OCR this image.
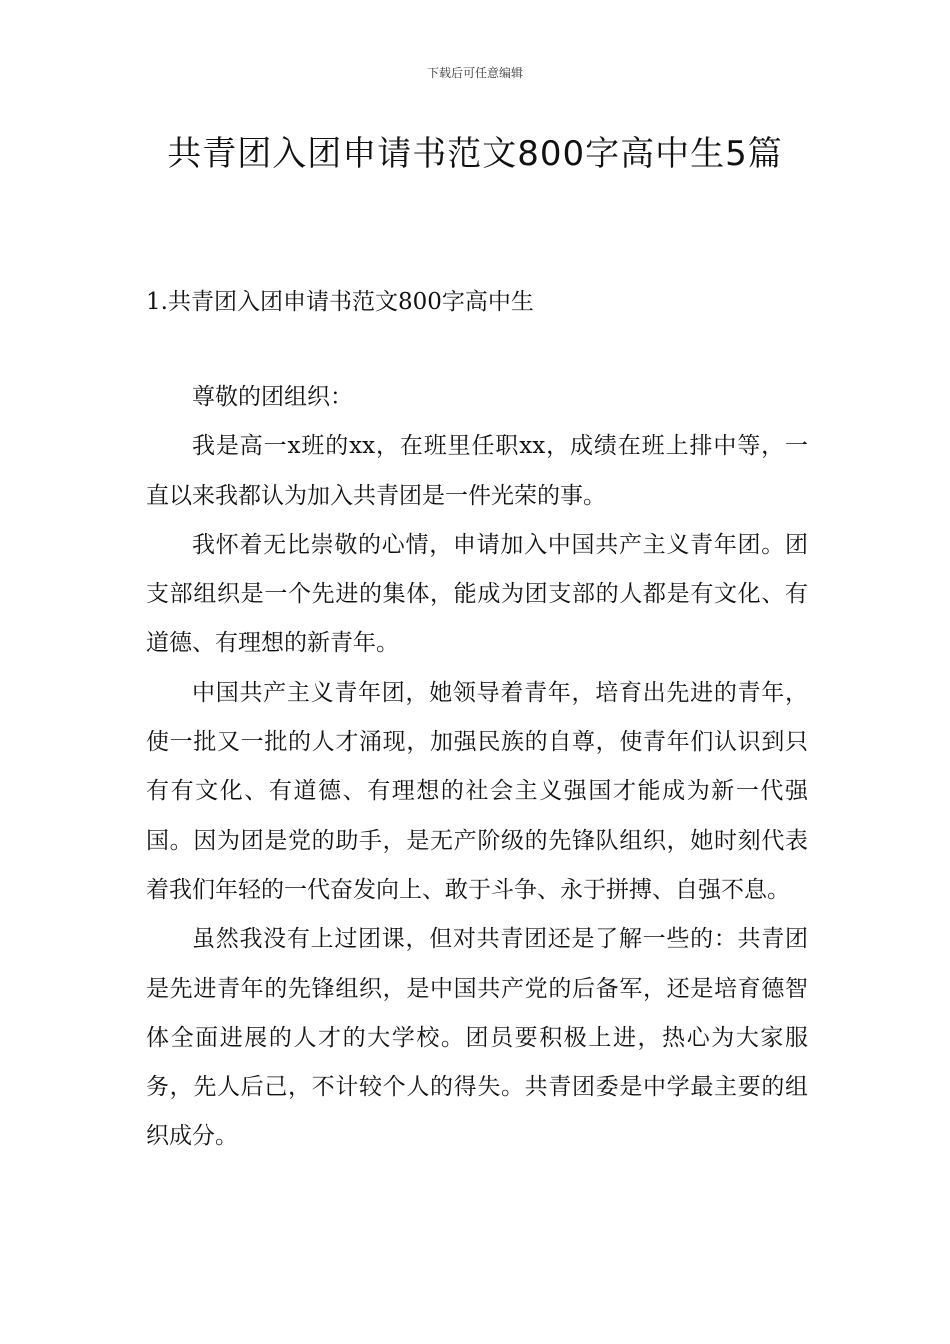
下载后可任意编辑
共青团入团申请书范文800字高中生5篇
1.共青团入团申请书范文800字高中生

尊敬的团组织：

我是高一x班的xx，在班里任职xx，成绩在班上排中等，一直以来我都认为加入共青团是一件光荣的事。

我怀着无比崇敬的心情，申请加入中国共产主义青年团。团支部组织是一个先进的集体，能成为团支部的人都是有文化、有道德、有理想的新青年。

中国共产主义青年团，她领导着青年，培育出先进的青年，使一批又一批的人才涌现，加强民族的自尊，使青年们认识到只有有文化、有道德、有理想的社会主义强国才能成为新一代强国。因为团是党的助手，是无产阶级的先锋队组织，她时刻代表着我们年轻的一代奋发向上、敢于斗争、永于拼搏、自强不息。

虽然我没有上过团课，但对共青团还是了解一些的：共青团是先进青年的先锋组织，是中国共产党的后备军，还是培育德智体全面进展的人才的大学校。团员要积极上进，热心为大家服务，先人后己，不计较个人的得失。共青团委是中学最主要的组织成分。
